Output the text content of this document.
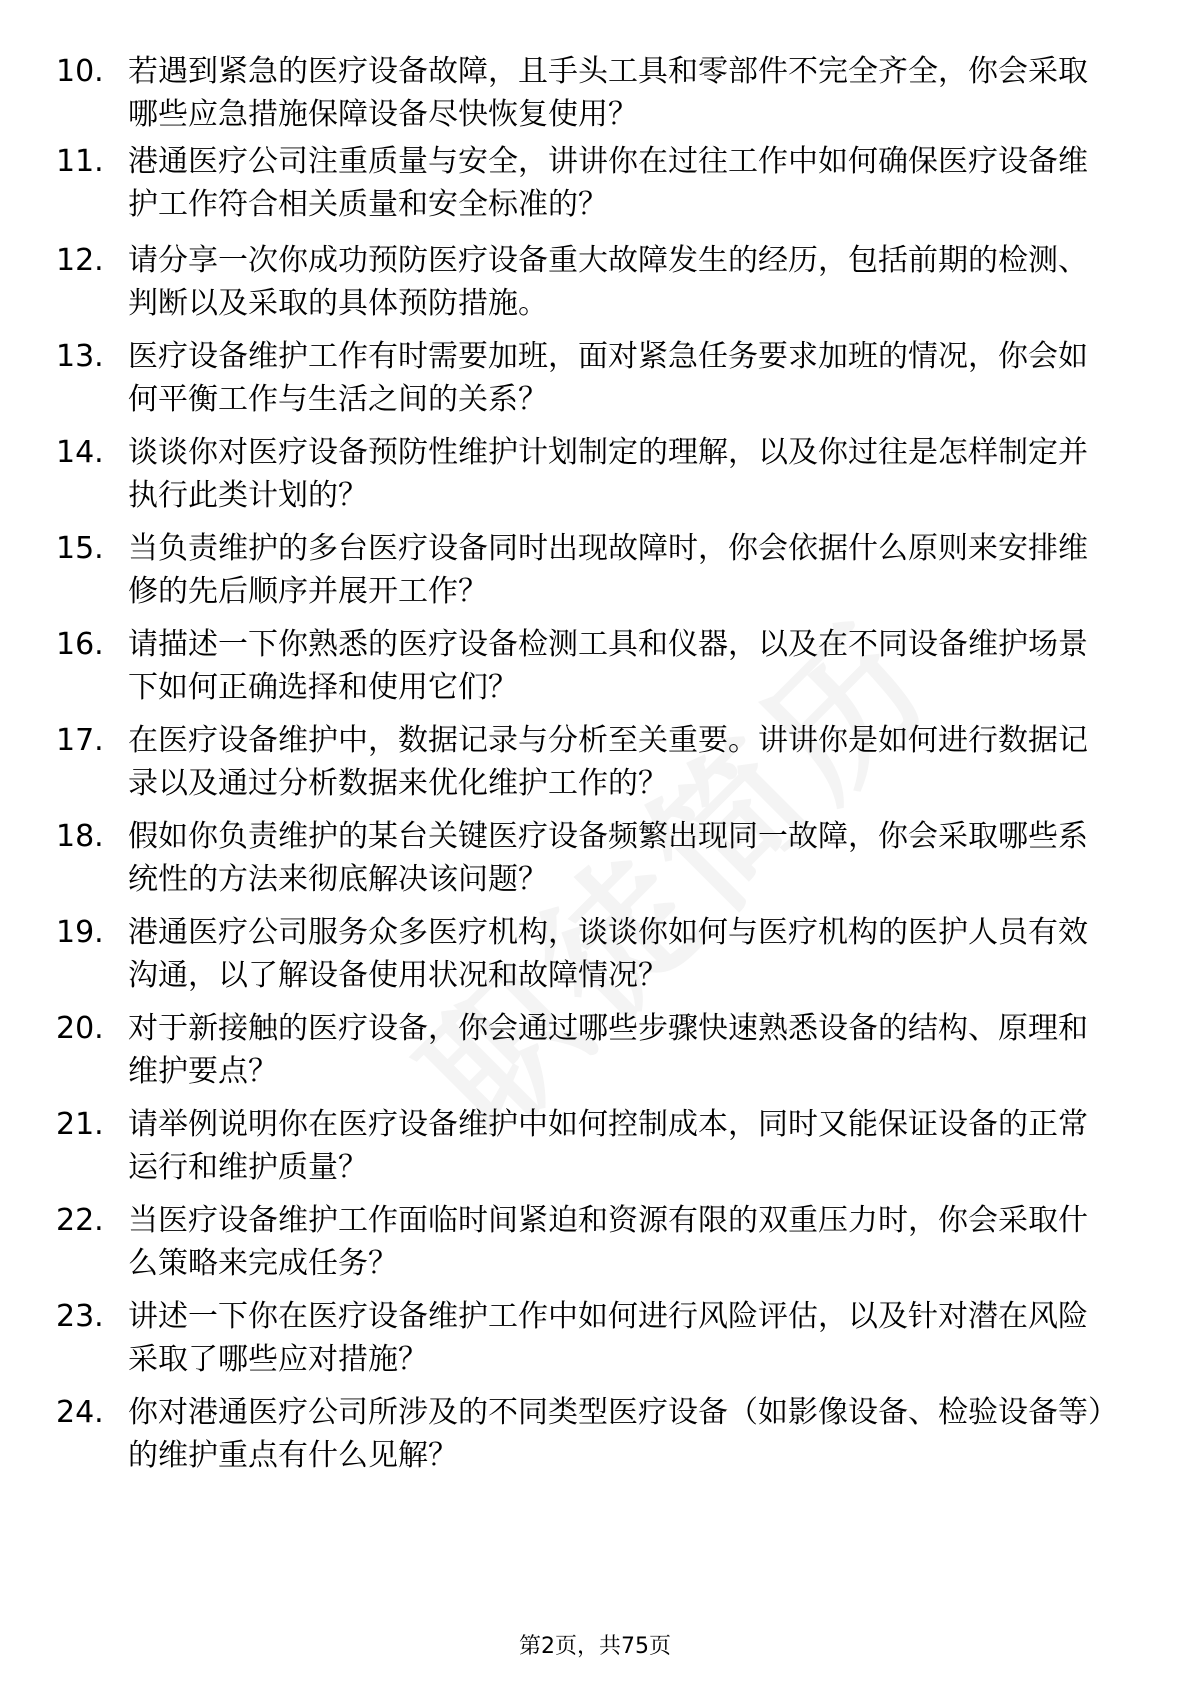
10. 若遇到紧急的医疗设备故障，且手头工具和零部件不完全齐全，你会采取哪些应急措施保障设备尽快恢复使用？
11. 港通医疗公司注重质量与安全，讲讲你在过往工作中如何确保医疗设备维护工作符合相关质量和安全标准的？
12. 请分享一次你成功预防医疗设备重大故障发生的经历，包括前期的检测、判断以及采取的具体预防措施。
13. 医疗设备维护工作有时需要加班，面对紧急任务要求加班的情况，你会如何平衡工作与生活之间的关系？
14. 谈谈你对医疗设备预防性维护计划制定的理解，以及你过往是怎样制定并执行此类计划的？
15. 当负责维护的多台医疗设备同时出现故障时，你会依据什么原则来安排维修的先后顺序并展开工作？
16. 请描述一下你熟悉的医疗设备检测工具和仪器，以及在不同设备维护场景下如何正确选择和使用它们？
17. 在医疗设备维护中，数据记录与分析至关重要。讲讲你是如何进行数据记录以及通过分析数据来优化维护工作的？
18. 假如你负责维护的某台关键医疗设备频繁出现同一故障，你会采取哪些系统性的方法来彻底解决该问题？
19. 港通医疗公司服务众多医疗机构，谈谈你如何与医疗机构的医护人员有效沟通，以了解设备使用状况和故障情况？
20. 对于新接触的医疗设备，你会通过哪些步骤快速熟悉设备的结构、原理和维护要点？
21. 请举例说明你在医疗设备维护中如何控制成本，同时又能保证设备的正常运行和维护质量？
22. 当医疗设备维护工作面临时间紧迫和资源有限的双重压力时，你会采取什么策略来完成任务？
23. 讲述一下你在医疗设备维护工作中如何进行风险评估，以及针对潜在风险采取了哪些应对措施？
24. 你对港通医疗公司所涉及的不同类型医疗设备（如影像设备、检验设备等）的维护重点有什么见解？
第2页，共75页
